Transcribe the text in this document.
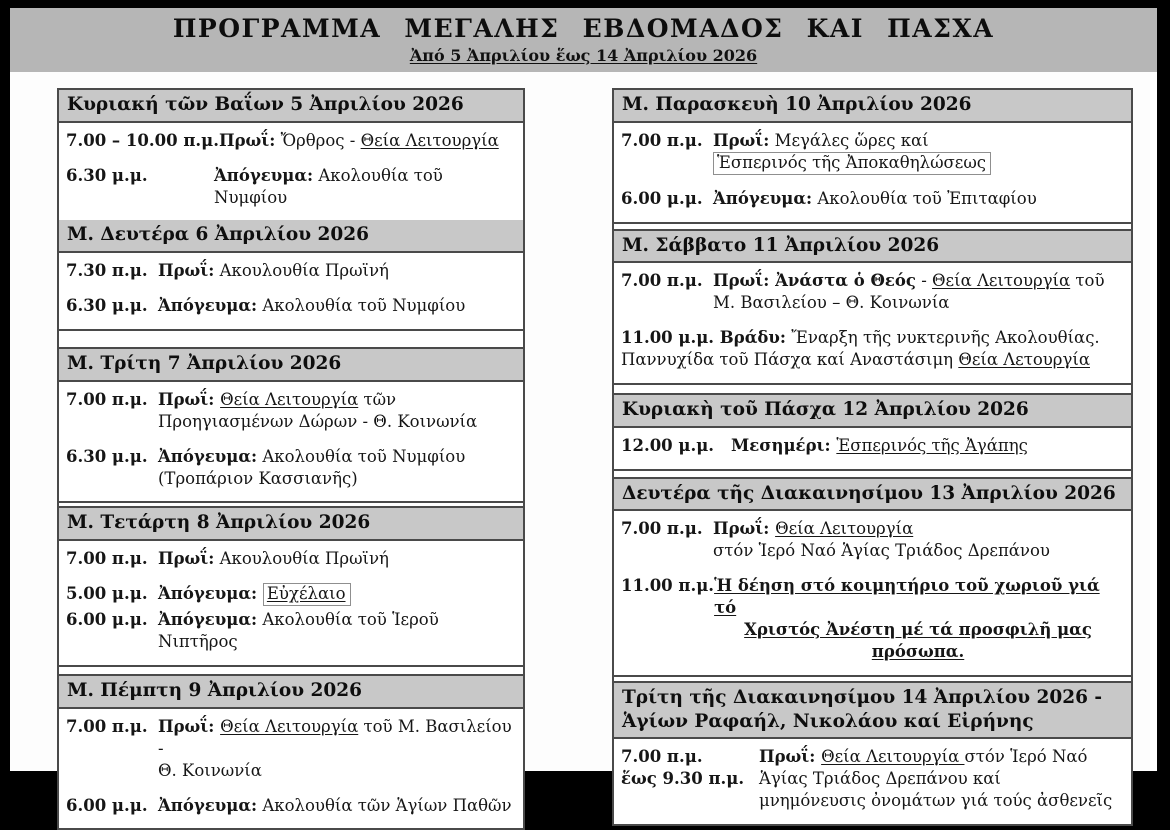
ΠΡΟΓΡΑΜΜΑ ΜΕΓΑΛΗΣ ΕΒΔΟΜΑΔΟΣ ΚΑΙ ΠΑΣΧΑ
Ἀπό 5 Ἀπριλίου ἕως 14 Ἀπριλίου 2026
Κυριακή τῶν Βαΐων 5 Ἀπριλίου 2026
7.00 – 10.00 π.μ. Πρωΐ: Ὄρθρος - Θεία Λειτουργία
6.30 μ.μ.	Ἀπόγευμα: Ακολουθία τοῦ Νυμφίου
Μ. Δευτέρα 6 Ἀπριλίου 2026
7.30 π.μ. Πρωΐ: Ακουλουθία Πρωϊνή
6.30 μ.μ. Ἀπόγευμα: Ακολουθία τοῦ Νυμφίου
Μ. Τρίτη 7 Ἀπριλίου 2026
7.00 π.μ. Πρωΐ: Θεία Λειτουργία τῶν
Προηγιασμένων Δώρων - Θ. Κοινωνία
6.30 μ.μ. Ἀπόγευμα: Ακολουθία τοῦ Νυμφίου
(Τροπάριον Κασσιανῆς)
Μ. Τετάρτη 8 Ἀπριλίου 2026
7.00 π.μ. Πρωΐ: Ακουλουθία Πρωϊνή
5.00 μ.μ. Ἀπόγευμα: Εὐχέλαιο
6.00 μ.μ. Ἀπόγευμα: Ακολουθία τοῦ Ἱεροῦ Νιπτῆρος
Μ. Πέμπτη 9 Ἀπριλίου 2026
7.00 π.μ. Πρωΐ: Θεία Λειτουργία τοῦ Μ. Βασιλείου -
Θ. Κοινωνία
6.00 μ.μ. Ἀπόγευμα: Ακολουθία τῶν Ἁγίων Παθῶν
Μ. Παρασκευὴ 10 Ἀπριλίου 2026
7.00 π.μ. Πρωΐ: Μεγάλες ὥρες καί
Ἑσπερινός τῆς Ἀποκαθηλώσεως
6.00 μ.μ. Ἀπόγευμα: Ακολουθία τοῦ Ἐπιταφίου
Μ. Σάββατο 11 Ἀπριλίου 2026
7.00 π.μ. Πρωΐ: Ἀνάστα ὁ Θεός - Θεία Λειτουργία τοῦ
Μ. Βασιλείου – Θ. Κοινωνία
11.00 μ.μ. Βράδυ: Ἔναρξη τῆς νυκτερινῆς Ακολουθίας.
Παννυχίδα τοῦ Πάσχα καί Αναστάσιμη Θεία Λετουργία
Κυριακὴ τοῦ Πάσχα 12 Ἀπριλίου 2026
12.00 μ.μ.	Μεσημέρι: Ἑσπερινός τῆς Ἀγάπης
Δευτέρα τῆς Διακαινησίμου 13 Ἀπριλίου 2026
7.00 π.μ. Πρωΐ: Θεία Λειτουργία
στόν Ἱερό Ναό Ἁγίας Τριάδος Δρεπάνου
11.00 π.μ. Ἡ δέηση στό κοιμητήριο τοῦ χωριοῦ γιά τό
Χριστός Ἀνέστη μέ τά προσφιλῆ μας πρόσωπα.
Τρίτη τῆς Διακαινησίμου 14 Ἀπριλίου 2026 -
Ἁγίων Ραφαήλ, Νικολάου καί Εἰρήνης
7.00 π.μ.
ἕως 9.30 π.μ.
Πρωΐ: Θεία Λειτουργία στόν Ἱερό Ναό
Ἁγίας Τριάδος Δρεπάνου καί
μνημόνευσις ὀνομάτων γιά τούς ἀσθενεῖς
